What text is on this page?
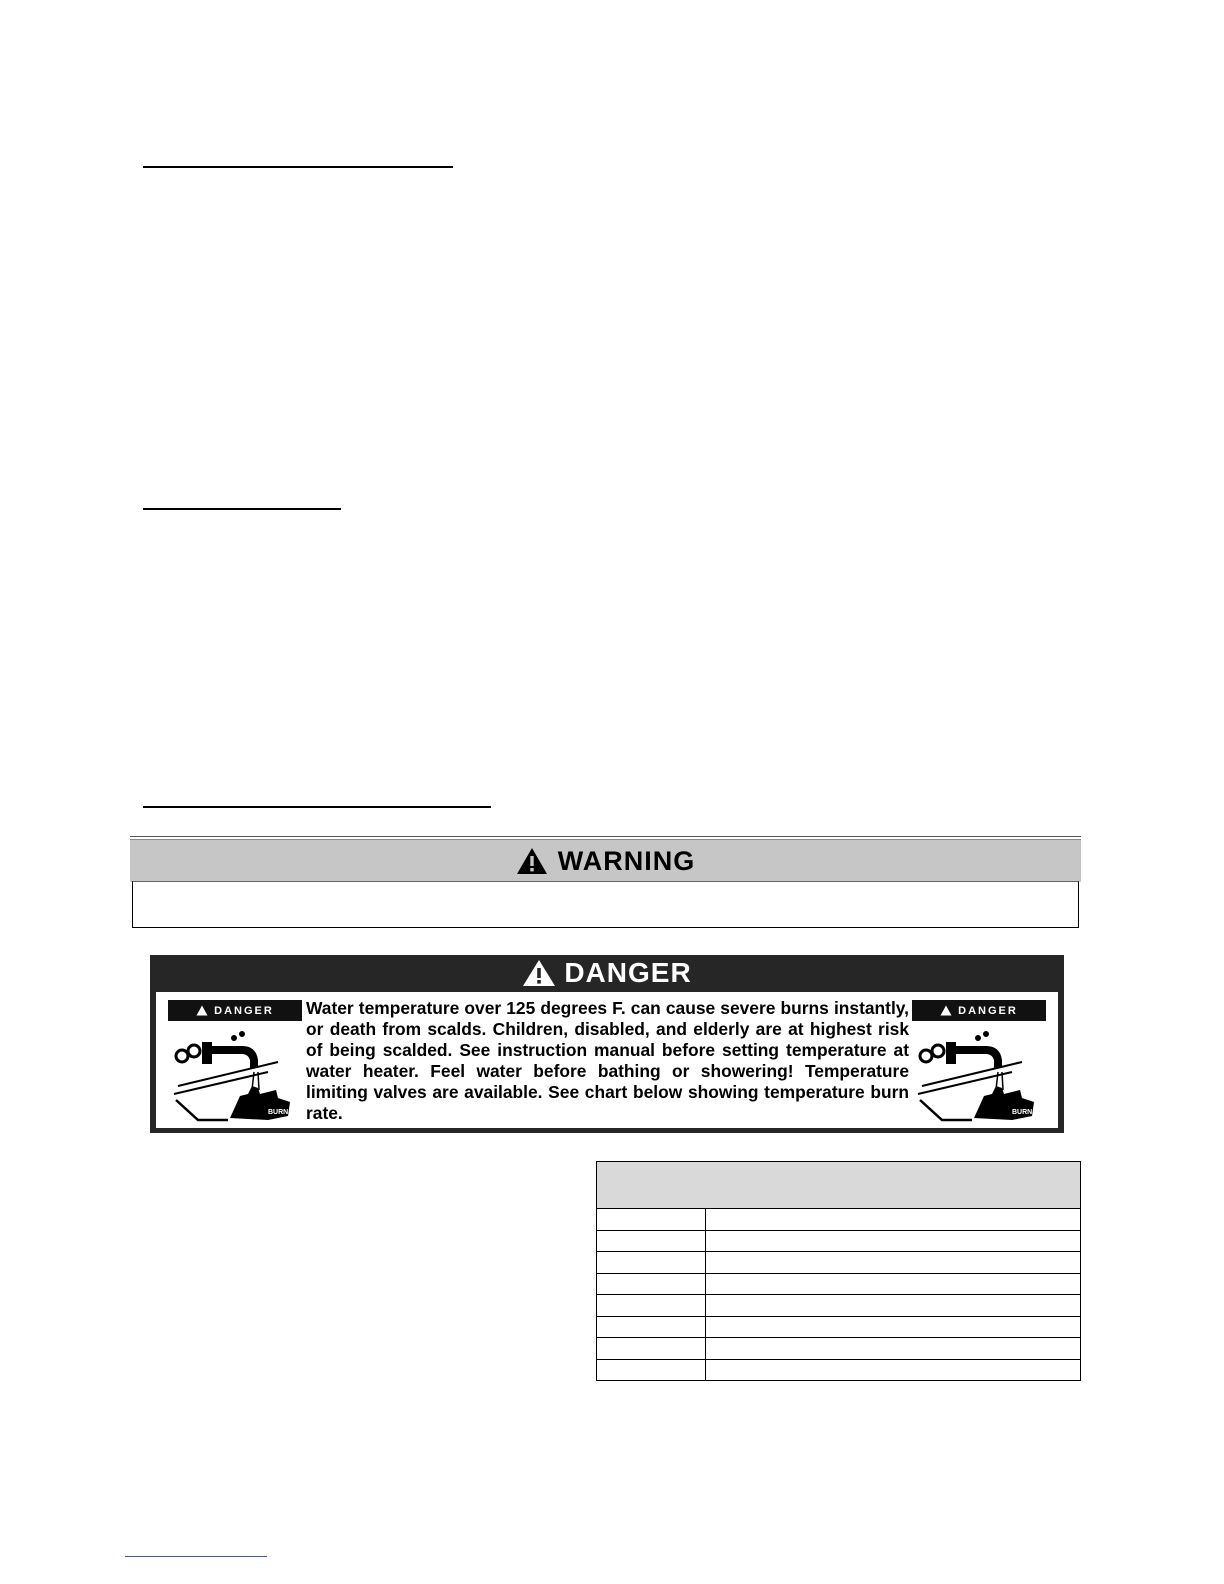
WARNING
DANGER
DANGER
BURN
Water temperature over 125 degrees F. can cause severe burns instantly, or death from scalds. Children, disabled, and elderly are at highest risk of being scalded. See instruction manual before setting temperature at water heater. Feel water before bathing or showering! Temperature limiting valves are available. See chart below showing temperature burn rate.
DANGER
BURN
